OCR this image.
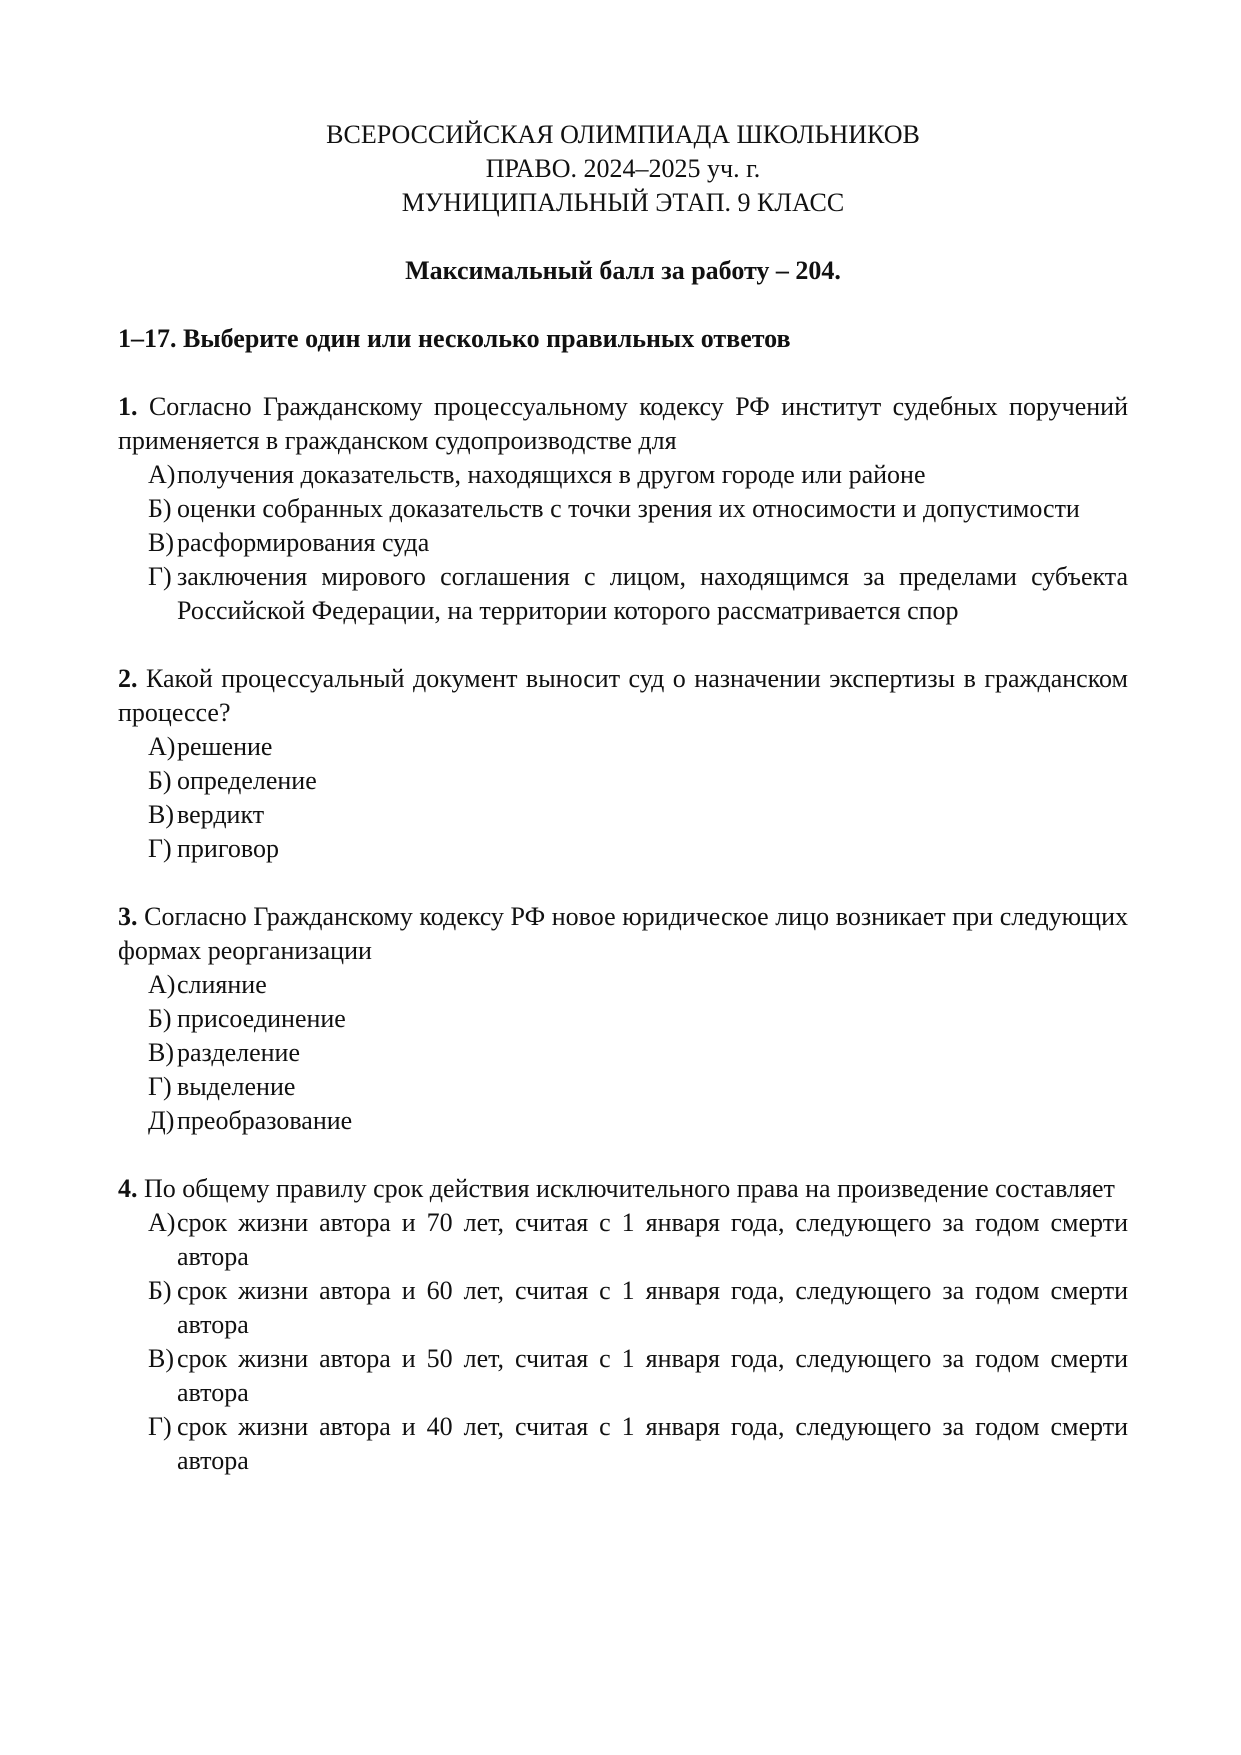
ВСЕРОССИЙСКАЯ ОЛИМПИАДА ШКОЛЬНИКОВ

ПРАВО. 2024–2025 уч. г.

МУНИЦИПАЛЬНЫЙ ЭТАП. 9 КЛАСС

Максимальный балл за работу – 204.

1–17. Выберите один или несколько правильных ответов

1. Согласно Гражданскому процессуальному кодексу РФ институт судебных поручений применяется в гражданском судопроизводстве для

А)получения доказательств, находящихся в другом городе или районе
Б) оценки собранных доказательств с точки зрения их относимости и допустимости
В) расформирования суда
Г) заключения мирового соглашения с лицом, находящимся за пределами субъекта Российской Федерации, на территории которого рассматривается спор

2. Какой процессуальный документ выносит суд о назначении экспертизы в гражданском процессе?

А)решение
Б) определение
В) вердикт
Г) приговор

3. Согласно Гражданскому кодексу РФ новое юридическое лицо возникает при следующих формах реорганизации

А)слияние
Б) присоединение
В) разделение
Г) выделение
Д)преобразование

4. По общему правилу срок действия исключительного права на произведение составляет

А)срок жизни автора и 70 лет, считая с 1 января года, следующего за годом смерти автора
Б) срок жизни автора и 60 лет, считая с 1 января года, следующего за годом смерти автора
В) срок жизни автора и 50 лет, считая с 1 января года, следующего за годом смерти автора
Г) срок жизни автора и 40 лет, считая с 1 января года, следующего за годом смерти автора
